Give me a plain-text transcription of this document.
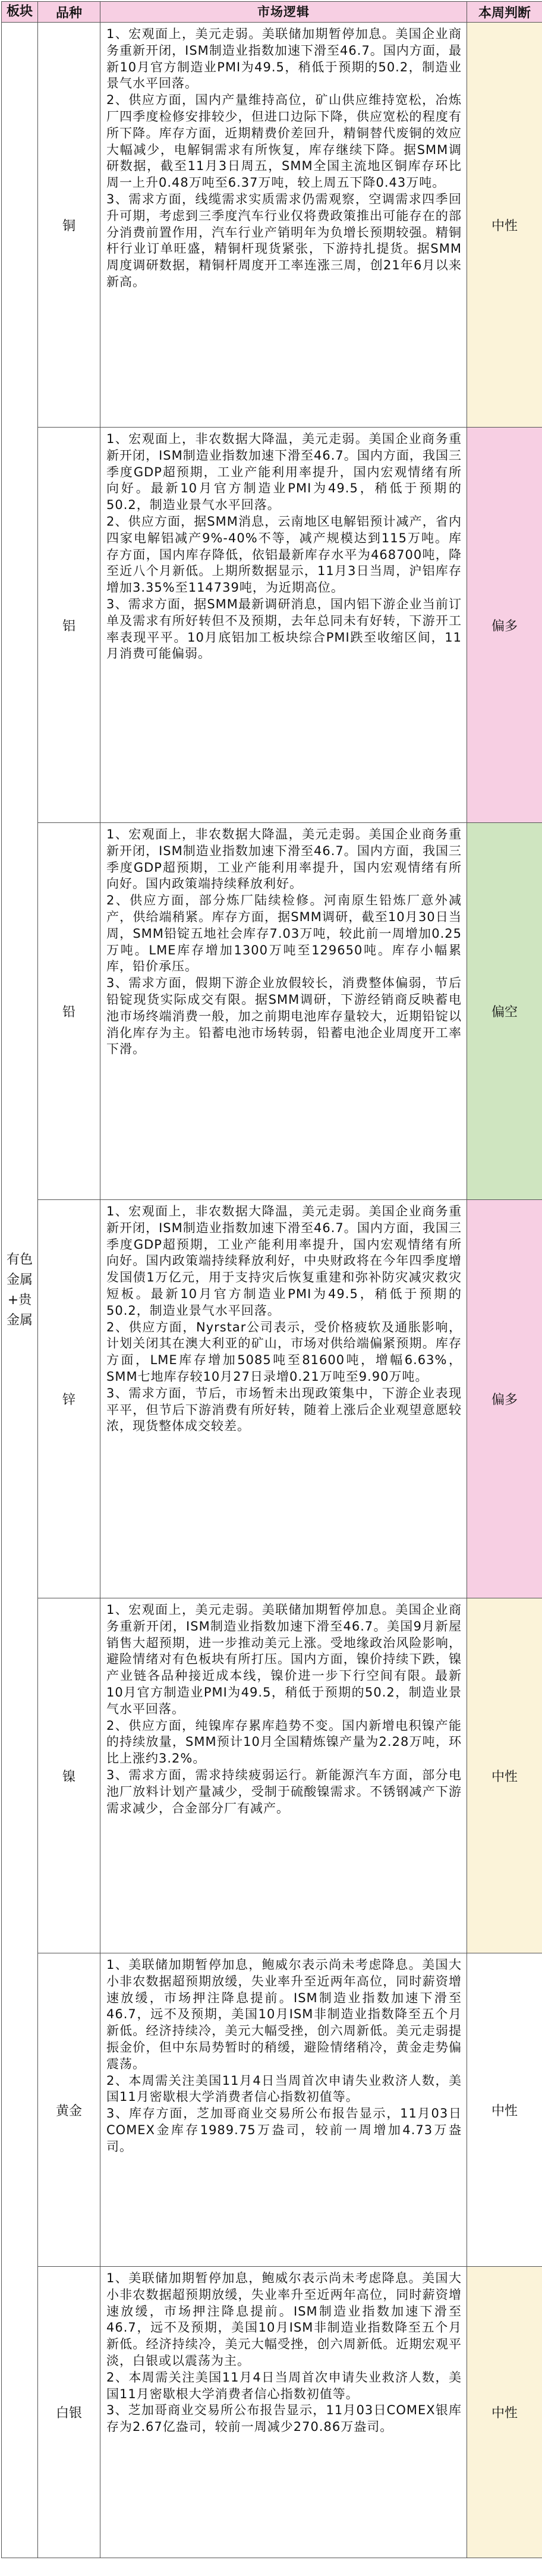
板块	品种	市场逻辑	本周判断
有色金属+贵金属	铜	1、宏观面上，美元走弱。美联储加期暂停加息。美国企业商务重新开闭，ISM制造业指数加速下滑至46.7。国内方面，最新10月官方制造业PMI为49.5，稍低于预期的50.2，制造业景气水平回落。

2、供应方面，国内产量维持高位，矿山供应维持宽松，冶炼厂四季度检修安排较少，但进口边际下降，供应宽松的程度有所下降。库存方面，近期精费价差回升，精铜替代废铜的效应大幅减少，电解铜需求有所恢复，库存继续下降。据SMM调研数据，截至11月3日周五，SMM全国主流地区铜库存环比周一上升0.48万吨至6.37万吨，较上周五下降0.43万吨。

3、需求方面，线缆需求实质需求仍需观察，空调需求四季回升可期，考虑到三季度汽车行业仅将费政策推出可能存在的部分消费前置作用，汽车行业产销明年为负增长预期较强。精铜杆行业订单旺盛，精铜杆现货紧张，下游持扎提货。据SMM周度调研数据，精铜杆周度开工率连涨三周，创21年6月以来新高。	中性
	铝	1、宏观面上，非农数据大降温，美元走弱。美国企业商务重新开闭，ISM制造业指数加速下滑至46.7。国内方面，我国三季度GDP超预期，工业产能利用率提升，国内宏观情绪有所向好。最新10月官方制造业PMI为49.5，稍低于预期的50.2，制造业景气水平回落。

2、供应方面，据SMM消息，云南地区电解铝预计减产，省内四家电解铝减产9%-40%不等，减产规模达到115万吨。库存方面，国内库存降低，依铝最新库存水平为468700吨，降至近八个月新低。上期所数据显示，11月3日当周，沪铝库存增加3.35%至114739吨，为近期高位。

3、需求方面，据SMM最新调研消息，国内铝下游企业当前订单及需求有所好转但不及预期，去年总同未有好转，下游开工率表现平平。10月底铝加工板块综合PMI跌至收缩区间，11月消费可能偏弱。	偏多
	铅	1、宏观面上，非农数据大降温，美元走弱。美国企业商务重新开闭，ISM制造业指数加速下滑至46.7。国内方面，我国三季度GDP超预期，工业产能利用率提升，国内宏观情绪有所向好。国内政策端持续释放利好。

2、供应方面，部分炼厂陆续检修。河南原生铅炼厂意外减产，供给端稍紧。库存方面，据SMM调研，截至10月30日当周，SMM铅锭五地社会库存7.03万吨，较此前一周增加0.25万吨。LME库存增加1300万吨至129650吨。库存小幅累库，铅价承压。

3、需求方面，假期下游企业放假较长，消费整体偏弱，节后铅锭现货实际成交有限。据SMM调研，下游经销商反映蓄电池市场终端消费一般，加之前期电池库存量较大，近期铅锭以消化库存为主。铅蓄电池市场转弱，铅蓄电池企业周度开工率下滑。	偏空
	锌	1、宏观面上，非农数据大降温，美元走弱。美国企业商务重新开闭，ISM制造业指数加速下滑至46.7。国内方面，我国三季度GDP超预期，工业产能利用率提升，国内宏观情绪有所向好。国内政策端持续释放利好，中央财政将在今年四季度增发国债1万亿元，用于支持灾后恢复重建和弥补防灾减灾救灾短板。最新10月官方制造业PMI为49.5，稍低于预期的50.2，制造业景气水平回落。

2、供应方面，Nyrstar公司表示，受价格疲软及通胀影响，计划关闭其在澳大利亚的矿山，市场对供给端偏紧预期。库存方面，LME库存增加5085吨至81600吨，增幅6.63%，SMM七地库存较10月27日录增0.21万吨至9.90万吨。

3、需求方面，节后，市场暂未出现政策集中，下游企业表现平平，但节后下游消费有所好转，随着上涨后企业观望意愿较浓，现货整体成交较差。	偏多
	镍	1、宏观面上，美元走弱。美联储加期暂停加息。美国企业商务重新开闭，ISM制造业指数加速下滑至46.7。美国9月新屋销售大超预期，进一步推动美元上涨。受地缘政治风险影响，避险情绪对有色板块有所打压。国内方面，镍价持续下跌，镍产业链各品种接近成本线，镍价进一步下行空间有限。最新10月官方制造业PMI为49.5，稍低于预期的50.2，制造业景气水平回落。

2、供应方面，纯镍库存累库趋势不变。国内新增电积镍产能的持续放量，SMM预计10月全国精炼镍产量为2.28万吨，环比上涨约3.2%。

3、需求方面，需求持续疲弱运行。新能源汽车方面，部分电池厂放料计划产量减少，受制于硫酸镍需求。不锈钢减产下游需求减少，合金部分厂有减产。	中性
	黄金	1、美联储加期暂停加息，鲍威尔表示尚未考虑降息。美国大小非农数据超预期放缓，失业率升至近两年高位，同时薪资增速放缓，市场押注降息提前。ISM制造业指数加速下滑至46.7，远不及预期，美国10月ISM非制造业指数降至五个月新低。经济持续冷，美元大幅受挫，创六周新低。美元走弱提振金价，但中东局势暂时的稍缓，避险情绪稍冷，黄金走势偏震荡。

2、本周需关注美国11月4日当周首次申请失业救济人数，美国11月密歇根大学消费者信心指数初值等。

3、库存方面，芝加哥商业交易所公布报告显示，11月03日COMEX金库存1989.75万盎司，较前一周增加4.73万盎司。	中性
	白银	1、美联储加期暂停加息，鲍威尔表示尚未考虑降息。美国大小非农数据超预期放缓，失业率升至近两年高位，同时薪资增速放缓，市场押注降息提前。ISM制造业指数加速下滑至46.7，远不及预期，美国10月ISM非制造业指数降至五个月新低。经济持续冷，美元大幅受挫，创六周新低。近期宏观平淡，白银或以震荡为主。

2、本周需关注美国11月4日当周首次申请失业救济人数，美国11月密歇根大学消费者信心指数初值等。

3、芝加哥商业交易所公布报告显示，11月03日COMEX银库存为2.67亿盎司，较前一周减少270.86万盎司。	中性
